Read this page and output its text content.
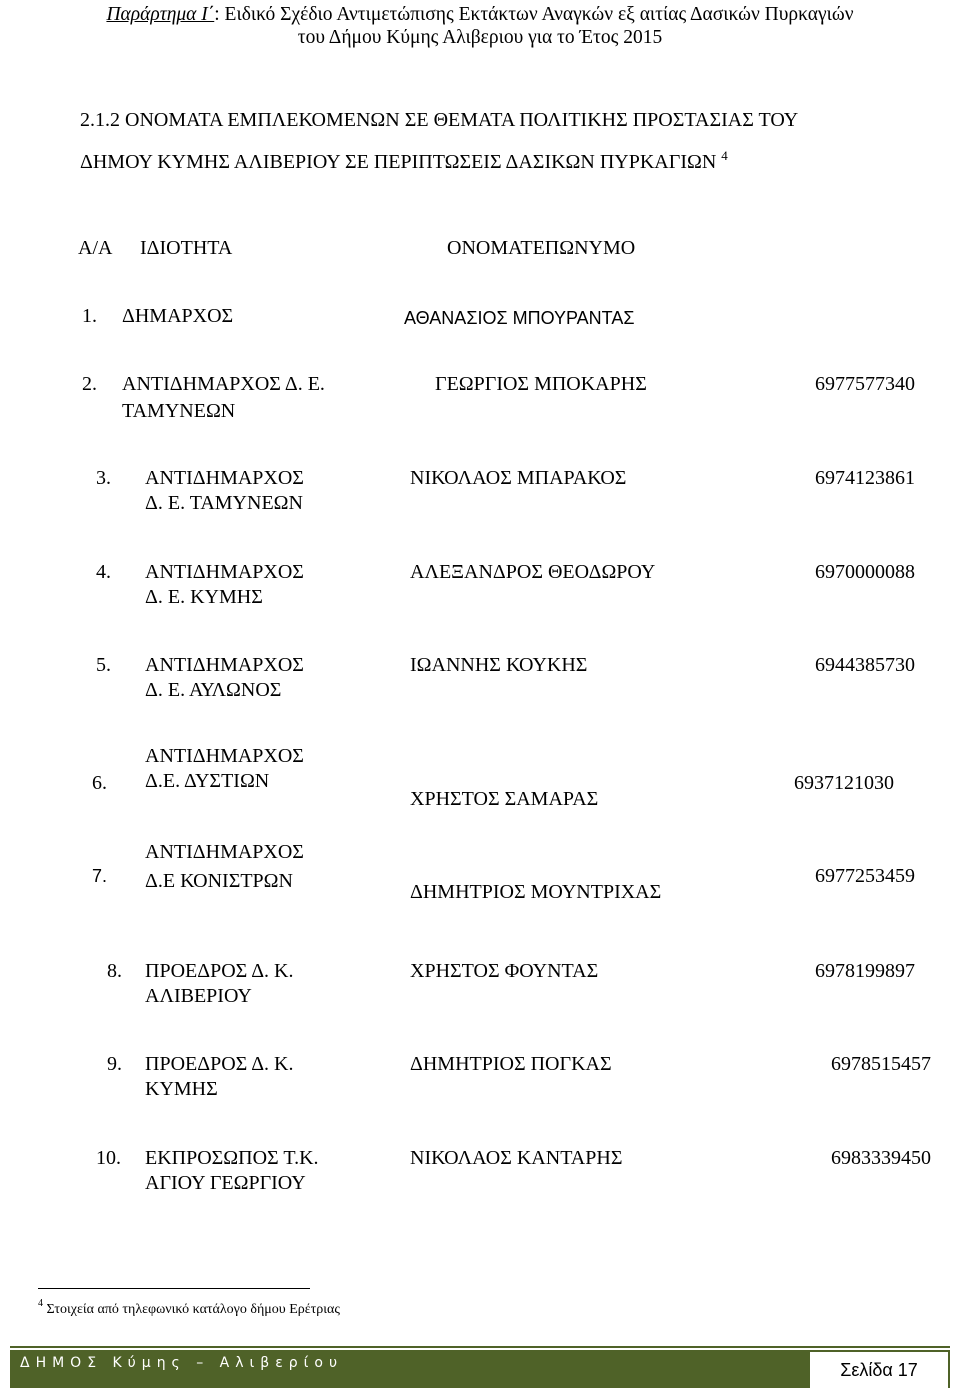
Παράρτημα Ι΄: Ειδικό Σχέδιο Αντιμετώπισης Εκτάκτων Αναγκών εξ αιτίας Δασικών Πυρκαγιών
του Δήμου Κύμης Αλιβεριου για το Έτος 2015
2.1.2 ΟΝΟΜΑΤΑ ΕΜΠΛΕΚΟΜΕΝΩΝ ΣΕ ΘΕΜΑΤΑ ΠΟΛΙΤΙΚΗΣ ΠΡΟΣΤΑΣΙΑΣ ΤΟΥ
ΔΗΜΟΥ ΚΥΜΗΣ ΑΛΙΒΕΡΙΟΥ ΣΕ ΠΕΡΙΠΤΩΣΕΙΣ ΔΑΣΙΚΩΝ ΠΥΡΚΑΓΙΩΝ $^4$
Α/Α ΙΔΙΟΤΗΤΑ	ΟΝΟΜΑΤΕΠΩΝΥΜΟ
1. ΔΗΜΑΡΧΟΣ	ΑΘΑΝΑΣΙΟΣ ΜΠΟΥΡΑΝΤΑΣ
2. ΑΝΤΙΔΗΜΑΡΧΟΣ Δ. Ε.
ΤΑΜΥΝΕΩΝ
ΓΕΩΡΓΙΟΣ ΜΠΟΚΑΡΗΣ	6977577340
3. ΑΝΤΙΔΗΜΑΡΧΟΣ
Δ. Ε. ΤΑΜΥΝΕΩΝ
ΝΙΚΟΛΑΟΣ ΜΠΑΡΑΚΟΣ	6974123861
4. ΑΝΤΙΔΗΜΑΡΧΟΣ
Δ. Ε. ΚΥΜΗΣ
ΑΛΕΞΑΝΔΡΟΣ ΘΕΟΔΩΡΟΥ	6970000088
5. ΑΝΤΙΔΗΜΑΡΧΟΣ
Δ. Ε. ΑΥΛΩΝΟΣ
ΙΩΑΝΝΗΣ ΚΟΥΚΗΣ	6944385730
6.
ΑΝΤΙΔΗΜΑΡΧΟΣ
Δ.Ε. ΔΥΣΤΙΩΝ
ΧΡΗΣΤΟΣ ΣΑΜΑΡΑΣ
6937121030
7.
ΑΝΤΙΔΗΜΑΡΧΟΣ
Δ.Ε ΚΟΝΙΣΤΡΩΝ	ΔΗΜΗΤΡΙΟΣ ΜΟΥΝΤΡΙΧΑΣ
6977253459
8. ΠΡΟΕΔΡΟΣ Δ. Κ.
ΑΛΙΒΕΡΙΟΥ
ΧΡΗΣΤΟΣ ΦΟΥΝΤΑΣ	6978199897
9. ΠΡΟΕΔΡΟΣ Δ. Κ.
ΚΥΜΗΣ
ΔΗΜΗΤΡΙΟΣ ΠΟΓΚΑΣ	6978515457
10. ΕΚΠΡΟΣΩΠΟΣ Τ.Κ.
ΑΓΙΟΥ ΓΕΩΡΓΙΟΥ
ΝΙΚΟΛΑΟΣ ΚΑΝΤΑΡΗΣ	6983339450
$^4$ Στοιχεία από τηλεφωνικό κατάλογο δήμου Ερέτριας
ΔΗΜΟΣ Κύμης – Αλιβερίου	Σελίδα 17
